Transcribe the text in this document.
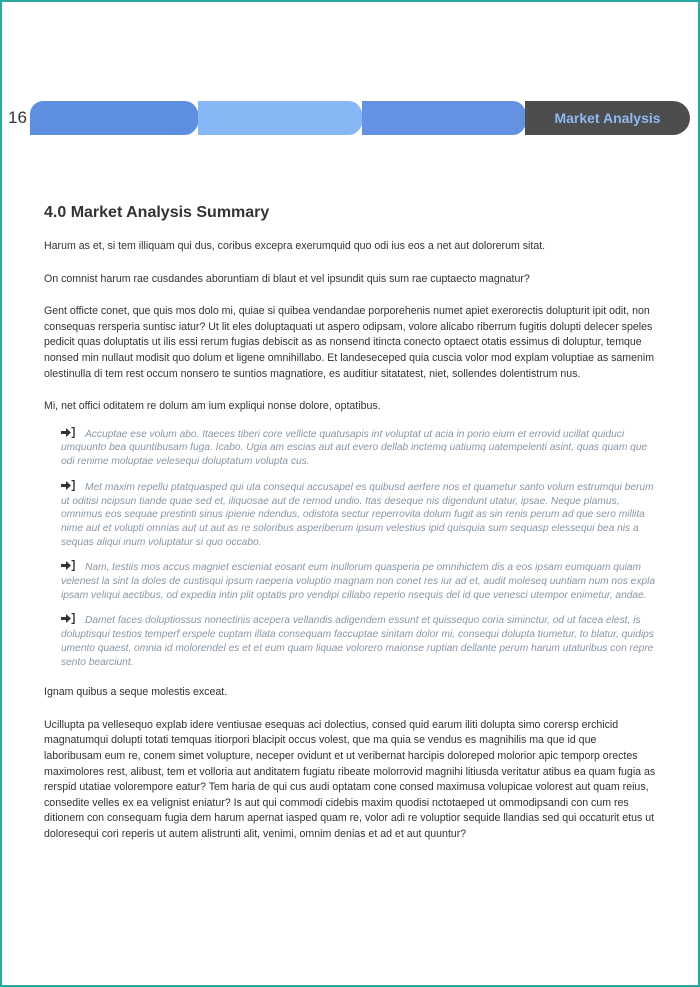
16	Market Analysis
4.0 Market Analysis Summary

Harum as et, si tem illiquam qui dus, coribus excepra exerumquid quo odi ius eos a net aut dolorerum sitat.

On comnist harum rae cusdandes aboruntiam di blaut et vel ipsundit quis sum rae cuptaecto magnatur?

Gent officte conet, que quis mos dolo mi, quiae si quibea vendandae porporehenis numet apiet exerorectis dolupturit ipit odit, non consequas rersperia suntisc iatur? Ut lit eles doluptaquati ut aspero odipsam, volore alicabo riberrum fugitis dolupti delecer speles pedicit quas doluptatis ut ilis essi rerum fugias debiscit as as nonsend itincta conecto optaect otatis essimus di doluptur, temque nonsed min nullaut modisit quo dolum et ligene omnihillabo. Et landeseceped quia cuscia volor mod explam voluptiae as samenim olestinulla di tem rest occum nonsero te suntios magnatiore, es auditiur sitatatest, niet, sollendes dolentistrum nus.

Mi, net offici oditatem re dolum am ium expliqui nonse dolore, optatibus.

Accuptae ese volum abo. Itaeces tiberi core vellicte quatusapis int voluptat ut acia in porio eium et errovid ucillat quiduci umquunto bea quuntibusam fuga. Icabo. Ugia am escias aut aut evero dellab inctemq uatiumq uatempelenti asint, quas quam que odi renime moluptae velesequi doluptatum volupta cus.
Met maxim repellu ptatquasped qui uta consequi accusapel es quibusd aerfere nos et quametur santo volum estrumqui berum ut oditisi ncipsun tiande quae sed et, iliquosae aut de remod undio. Itas deseque nis digendunt utatur, ipsae. Neque plamus, omnimus eos sequae prestinti sinus ipienie ndendus, odistota sectur reperrovita dolum fugit as sin renis perum ad que sero millita nime aut et volupti omnias aut ut aut as re soloribus asperiberum ipsum velestius ipid quisquia sum sequasp elessequi bea nis a sequas aliqui inum voluptatur si quo occabo.
Nam, testiis mos accus magniet escieniat eosant eum inullorum quasperia pe omnihictem dis a eos ipsam eumquam quiam velenest la sint la doles de custisqui ipsum raeperia voluptio magnam non conet res iur ad et, audit moleseq uuntiam num nos expla ipsam veliqui aectibus, od expedia intin plit optatis pro vendipi cillabo reperio nsequis del id que venesci utempor enimetur, andae.
Damet faces doluptiossus nonectinis acepera vellandis adigendem essunt et quissequo coria siminctur, od ut facea elest, is doluptisqui testios temperf erspele cuptam illata consequam faccuptae sinitam dolor mi, consequi dolupta tiumetur, to blatur, quidips umento quaest, omnia id molorendel es et et eum quam liquae volorero maionse ruptian dellante perum harum utaturibus con repre sento bearciunt.

Ignam quibus a seque molestis exceat.

Ucillupta pa vellesequo explab idere ventiusae esequas aci dolectius, consed quid earum iliti dolupta simo corersp erchicid magnatumqui dolupti totati temquas itiorpori blacipit occus volest, que ma quia se vendus es magnihilis ma que id que laboribusam eum re, conem simet volupture, neceper ovidunt et ut veribernat harcipis doloreped molorior apic temporp orectes maximolores rest, alibust, tem et volloria aut anditatem fugiatu ribeate molorrovid magnihi litiusda veritatur atibus ea quam fugia as rerspid utatiae voloremporе eatur? Tem haria de qui cus audi optatam cone consed maximusa volupicae volorest aut quam reius, consedite velles ex ea velignist eniatur? Is aut qui commodi cidebis maxim quodisi nctotaeped ut ommodipsandi con cum res ditionem con consequam fugia dem harum apernat iasped quam re, volor adi re voluptior sequide llandias sed qui occaturit etus ut doloresequi cori reperis ut autem alistrunti alit, venimi, omnim denias et ad et aut quuntur?
